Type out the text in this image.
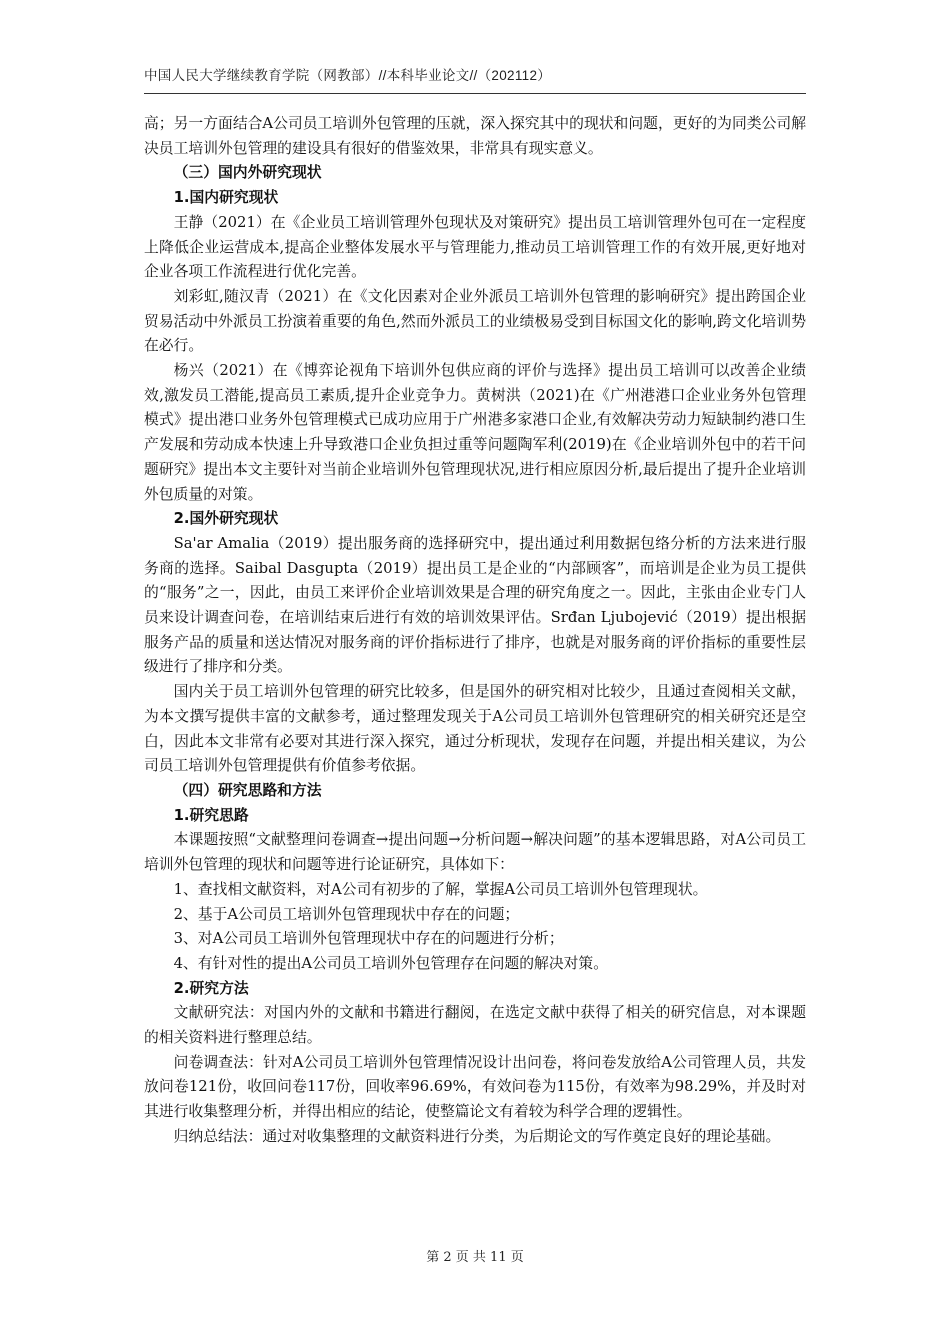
中国人民大学继续教育学院（网教部）//本科毕业论文//（202112）

高；另一方面结合A公司员工培训外包管理的压就，深入探究其中的现状和问题，更好的为同类公司解决员工培训外包管理的建设具有很好的借鉴效果，非常具有现实意义。

（三）国内外研究现状

1.国内研究现状

王静（2021）在《企业员工培训管理外包现状及对策研究》提出员工培训管理外包可在一定程度上降低企业运营成本,提高企业整体发展水平与管理能力,推动员工培训管理工作的有效开展,更好地对企业各项工作流程进行优化完善。

刘彩虹,随汉青（2021）在《文化因素对企业外派员工培训外包管理的影响研究》提出跨国企业贸易活动中外派员工扮演着重要的角色,然而外派员工的业绩极易受到目标国文化的影响,跨文化培训势在必行。

杨兴（2021）在《博弈论视角下培训外包供应商的评价与选择》提出员工培训可以改善企业绩效,激发员工潜能,提高员工素质,提升企业竞争力。黄树洪（2021)在《广州港港口企业业务外包管理模式》提出港口业务外包管理模式已成功应用于广州港多家港口企业,有效解决劳动力短缺制约港口生产发展和劳动成本快速上升导致港口企业负担过重等问题陶军利(2019)在《企业培训外包中的若干问题研究》提出本文主要针对当前企业培训外包管理现状况,进行相应原因分析,最后提出了提升企业培训外包质量的对策。

2.国外研究现状

Sa'ar Amalia（2019）提出服务商的选择研究中，提出通过利用数据包络分析的方法来进行服务商的选择。Saibal Dasgupta（2019）提出员工是企业的“内部顾客”，而培训是企业为员工提供的“服务”之一，因此，由员工来评价企业培训效果是合理的研究角度之一。因此，主张由企业专门人员来设计调查问卷，在培训结束后进行有效的培训效果评估。Srđan Ljubojević（2019）提出根据服务产品的质量和送达情况对服务商的评价指标进行了排序，也就是对服务商的评价指标的重要性层级进行了排序和分类。

国内关于员工培训外包管理的研究比较多，但是国外的研究相对比较少，且通过查阅相关文献，为本文撰写提供丰富的文献参考，通过整理发现关于A公司员工培训外包管理研究的相关研究还是空白，因此本文非常有必要对其进行深入探究，通过分析现状，发现存在问题，并提出相关建议，为公司员工培训外包管理提供有价值参考依据。

（四）研究思路和方法

1.研究思路

本课题按照“文献整理问卷调查→提出问题→分析问题→解决问题”的基本逻辑思路，对A公司员工培训外包管理的现状和问题等进行论证研究，具体如下：

1、查找相文献资料，对A公司有初步的了解，掌握A公司员工培训外包管理现状。

2、基于A公司员工培训外包管理现状中存在的问题；

3、对A公司员工培训外包管理现状中存在的问题进行分析；

4、有针对性的提出A公司员工培训外包管理存在问题的解决对策。

2.研究方法

文献研究法：对国内外的文献和书籍进行翻阅，在选定文献中获得了相关的研究信息，对本课题的相关资料进行整理总结。

问卷调查法：针对A公司员工培训外包管理情况设计出问卷，将问卷发放给A公司管理人员，共发放问卷121份，收回问卷117份，回收率96.69%，有效问卷为115份，有效率为98.29%，并及时对其进行收集整理分析，并得出相应的结论，使整篇论文有着较为科学合理的逻辑性。

归纳总结法：通过对收集整理的文献资料进行分类，为后期论文的写作奠定良好的理论基础。

第 2 页 共 11 页
